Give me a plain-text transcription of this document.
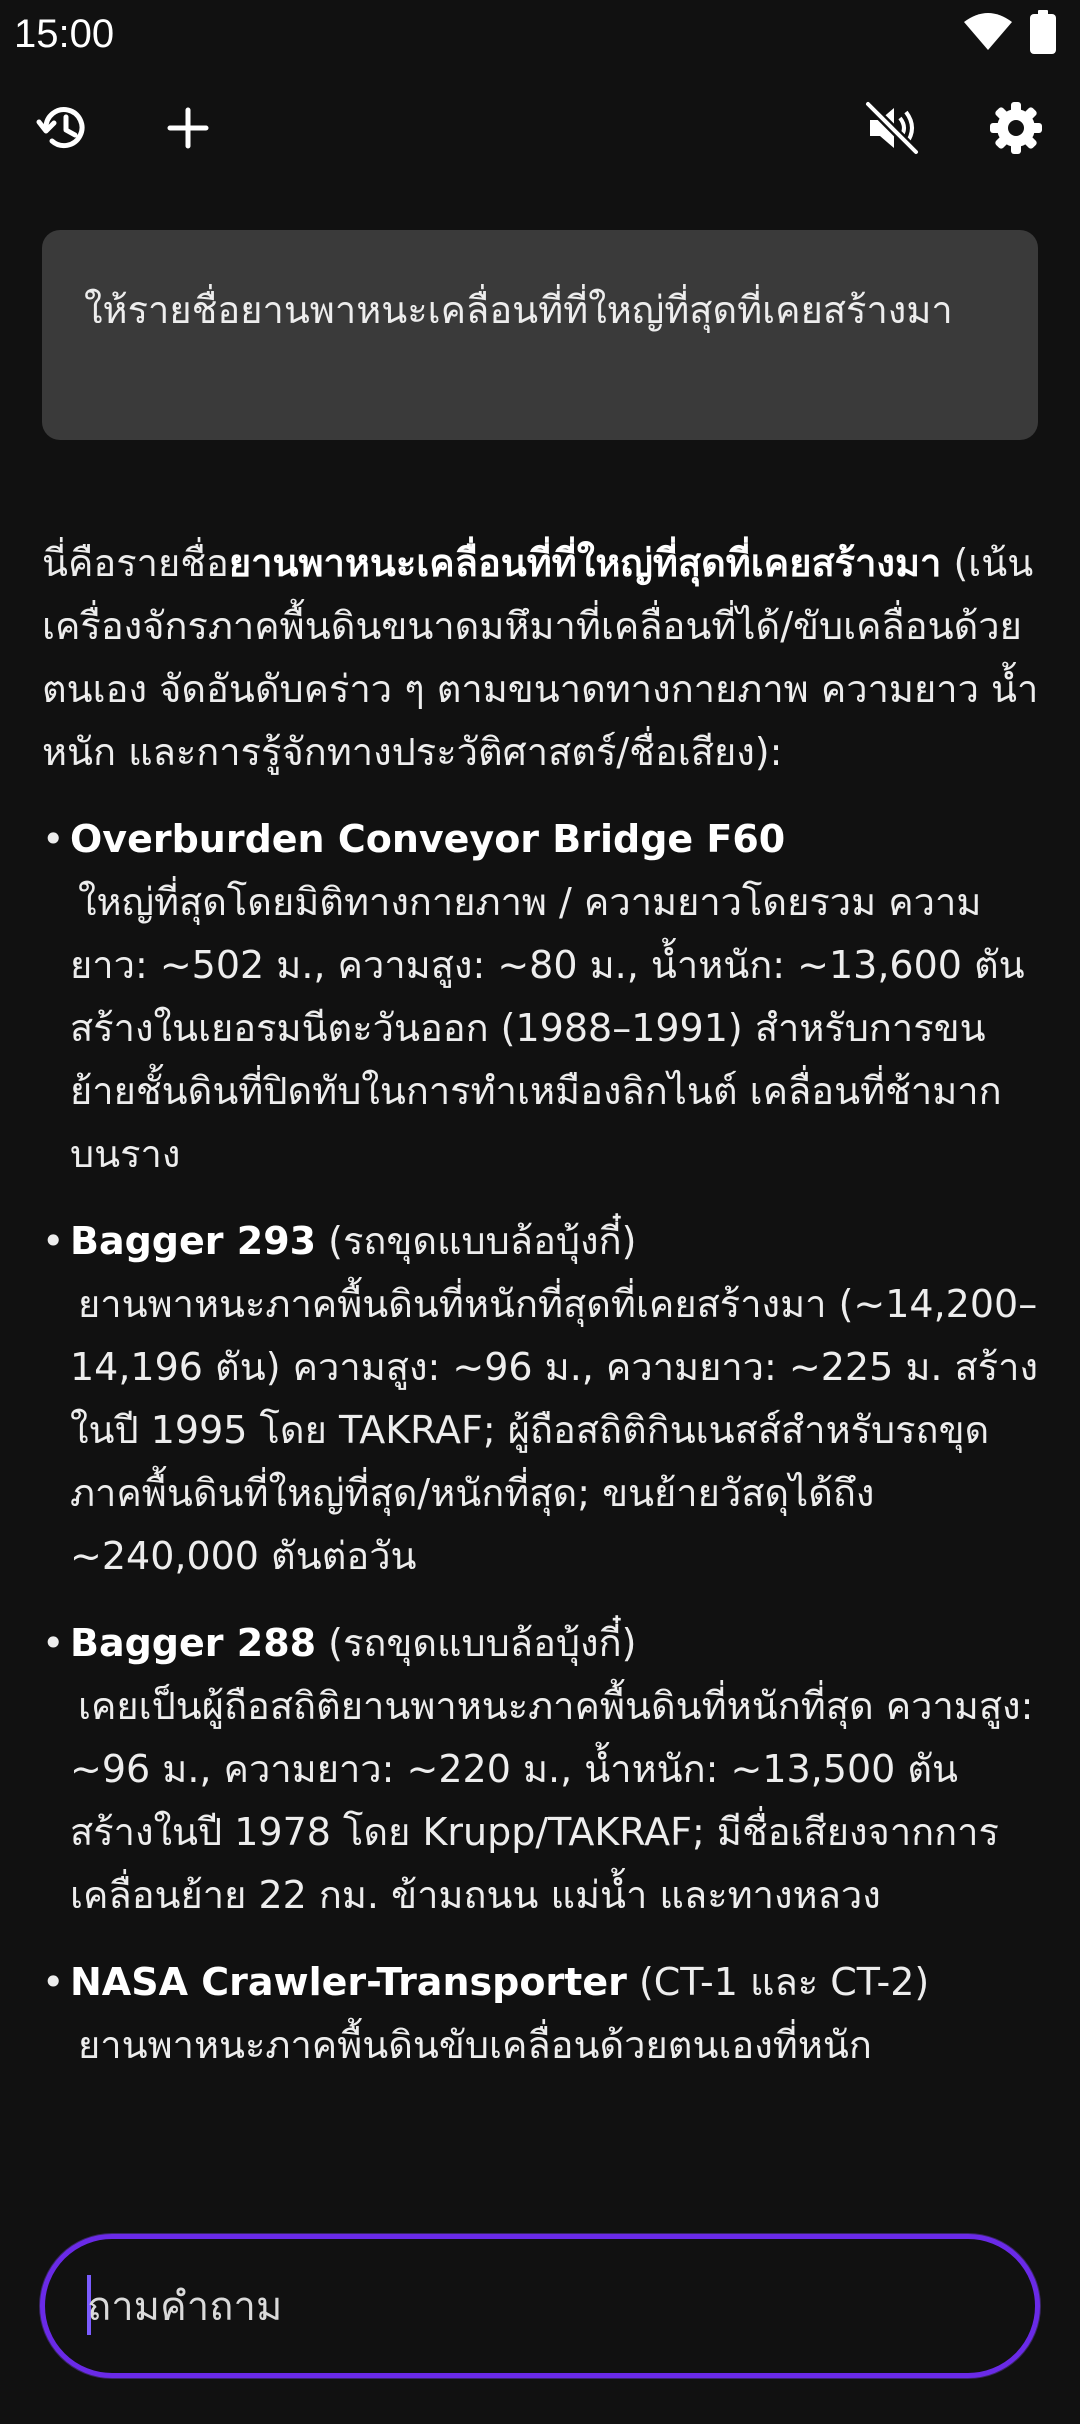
15:00
ให้รายชื่อยานพาหนะเคลื่อนที่ที่ใหญ่ที่สุดที่เคยสร้างมา

นี่คือรายชื่อยานพาหนะเคลื่อนที่ที่ใหญ่ที่สุดที่เคยสร้างมา (เน้นเครื่องจักรภาคพื้นดินขนาดมหึมาที่เคลื่อนที่ได้/ขับเคลื่อนด้วยตนเอง จัดอันดับคร่าว ๆ ตามขนาดทางกายภาพ ความยาว น้ำหนัก และการรู้จักทางประวัติศาสตร์/ชื่อเสียง):

• Overburden Conveyor Bridge F60
ใหญ่ที่สุดโดยมิติทางกายภาพ / ความยาวโดยรวม ความยาว: ~502 ม., ความสูง: ~80 ม., น้ำหนัก: ~13,600 ตัน สร้างในเยอรมนีตะวันออก (1988–1991) สำหรับการขนย้ายชั้นดินที่ปิดทับในการทำเหมืองลิกไนต์ เคลื่อนที่ช้ามากบนราง
• Bagger 293 (รถขุดแบบล้อบุ้งกี๋)
ยานพาหนะภาคพื้นดินที่หนักที่สุดที่เคยสร้างมา (~14,200–14,196 ตัน) ความสูง: ~96 ม., ความยาว: ~225 ม. สร้างในปี 1995 โดย TAKRAF; ผู้ถือสถิติกินเนสส์สำหรับรถขุดภาคพื้นดินที่ใหญ่ที่สุด/หนักที่สุด; ขนย้ายวัสดุได้ถึง ~240,000 ตันต่อวัน
• Bagger 288 (รถขุดแบบล้อบุ้งกี๋)
เคยเป็นผู้ถือสถิติยานพาหนะภาคพื้นดินที่หนักที่สุด ความสูง: ~96 ม., ความยาว: ~220 ม., น้ำหนัก: ~13,500 ตัน สร้างในปี 1978 โดย Krupp/TAKRAF; มีชื่อเสียงจากการเคลื่อนย้าย 22 กม. ข้ามถนน แม่น้ำ และทางหลวง
• NASA Crawler-Transporter (CT-1 และ CT-2)
ยานพาหนะภาคพื้นดินขับเคลื่อนด้วยตนเองที่หนัก
ถามคำถาม
